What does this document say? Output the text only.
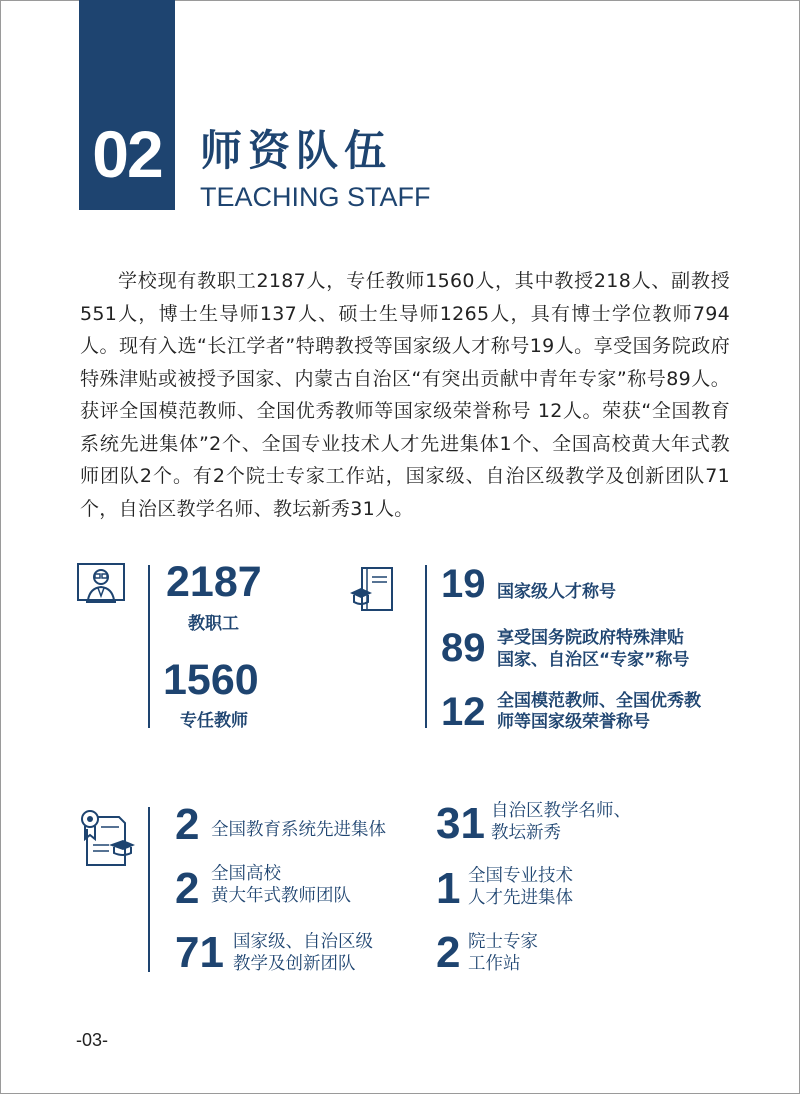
02 师资队伍
TEACHING STAFF
学校现有教职工2187人，专任教师1560人，其中教授218人、副教授551人，博士生导师137人、硕士生导师1265人，具有博士学位教师794人。现有入选“长江学者”特聘教授等国家级人才称号19人。享受国务院政府特殊津贴或被授予国家、内蒙古自治区“有突出贡献中青年专家”称号89人。获评全国模范教师、全国优秀教师等国家级荣誉称号 12人。荣获“全国教育系统先进集体”2个、全国专业技术人才先进集体1个、全国高校黄大年式教师团队2个。有2个院士专家工作站，国家级、自治区级教学及创新团队71个，自治区教学名师、教坛新秀31人。
2187
教职工
1560
专任教师
19 国家级人才称号
89 享受国务院政府特殊津贴
国家、自治区“专家”称号
12 全国模范教师、全国优秀教
师等国家级荣誉称号
2 全国教育系统先进集体
2 全国高校
黄大年式教师团队
71 国家级、自治区级
教学及创新团队
31 自治区教学名师、
教坛新秀
1 全国专业技术
人才先进集体
2 院士专家
工作站
-03-
